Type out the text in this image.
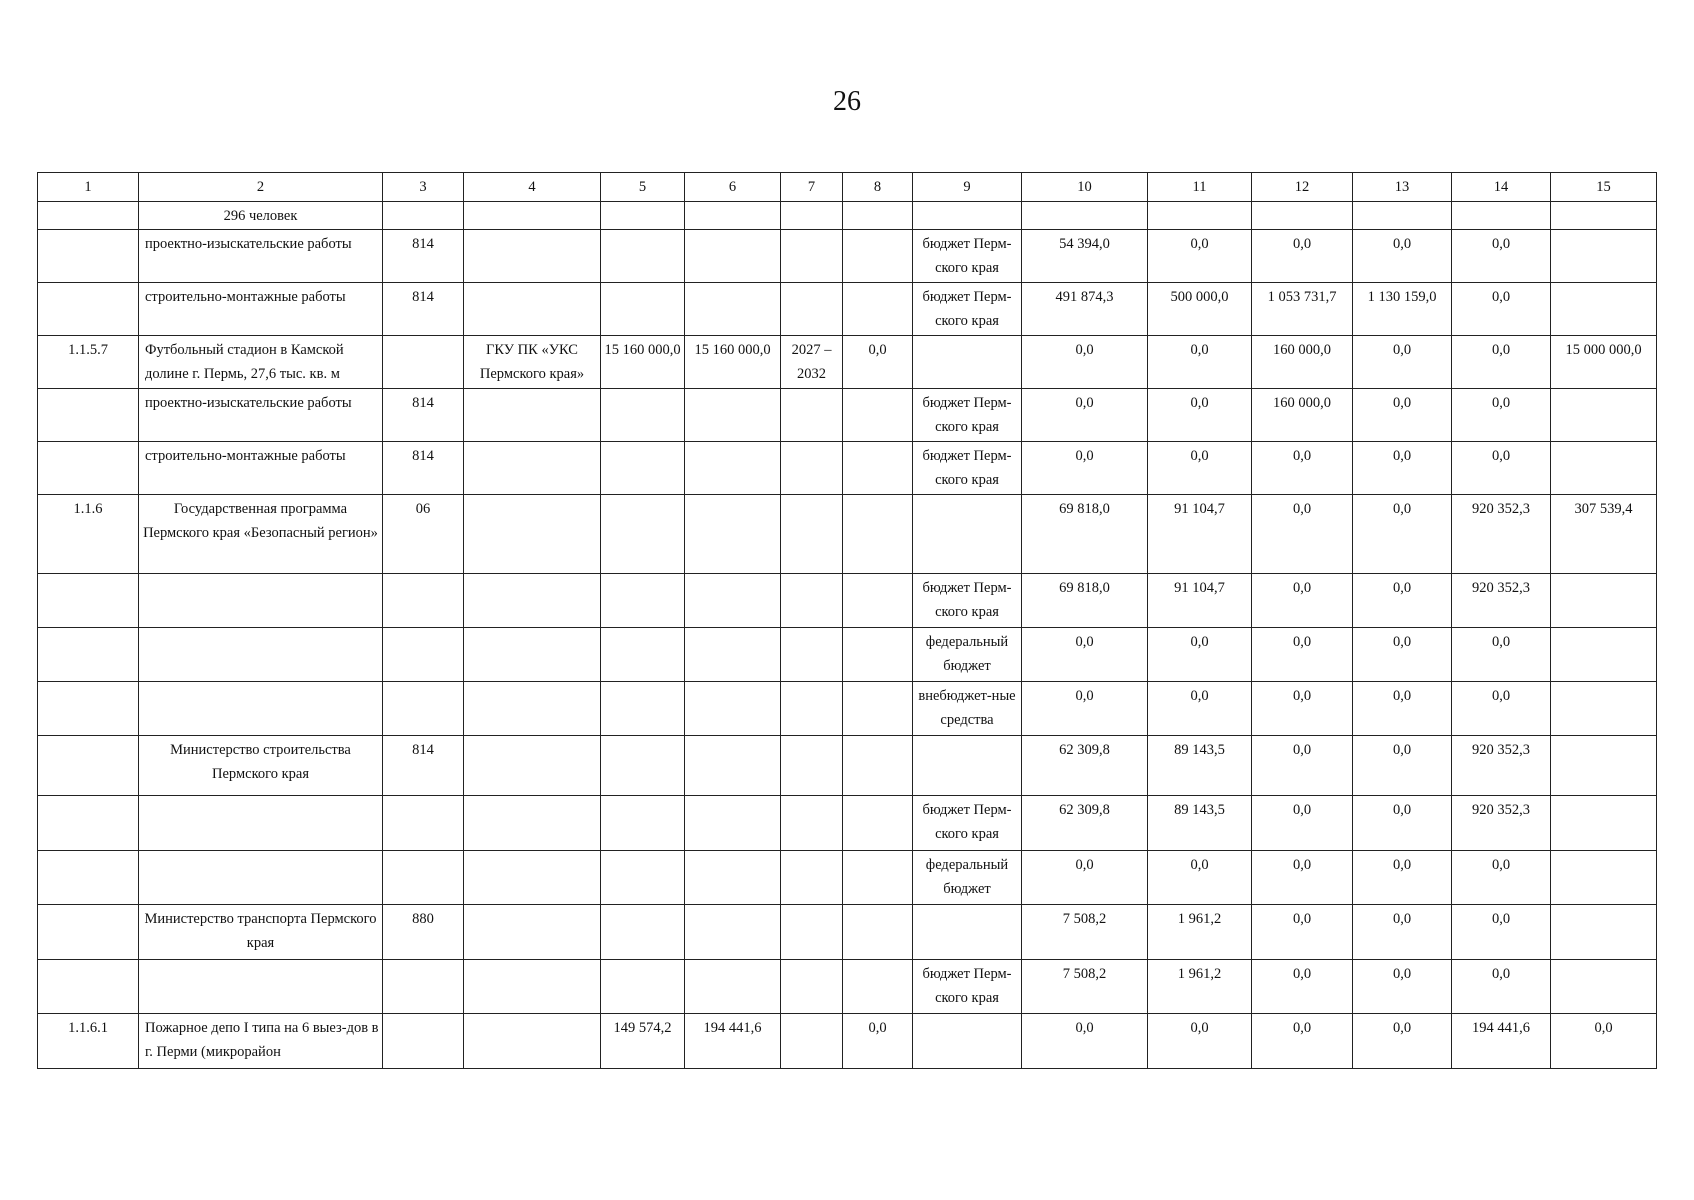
26
1	2	3	4	5	6	7	8	9	10	11	12	13	14	15
	296 человек													
	проектно-изыскательские работы	814						бюджет Перм-ского края	54 394,0	0,0	0,0	0,0	0,0	
	строительно-монтажные работы	814						бюджет Перм-ского края	491 874,3	500 000,0	1 053 731,7	1 130 159,0	0,0	
1.1.5.7	Футбольный стадион в Камской долине г. Пермь, 27,6 тыс. кв. м		ГКУ ПК «УКС Пермского края»	15 160 000,0	15 160 000,0	2027 – 2032	0,0		0,0	0,0	160 000,0	0,0	0,0	15 000 000,0
	проектно-изыскательские работы	814						бюджет Перм-ского края	0,0	0,0	160 000,0	0,0	0,0	
	строительно-монтажные работы	814						бюджет Перм-ского края	0,0	0,0	0,0	0,0	0,0	
1.1.6	Государственная программа Пермского края «Безопасный регион»	06							69 818,0	91 104,7	0,0	0,0	920 352,3	307 539,4
								бюджет Перм-ского края	69 818,0	91 104,7	0,0	0,0	920 352,3	
								федеральный бюджет	0,0	0,0	0,0	0,0	0,0	
								внебюджет-ные средства	0,0	0,0	0,0	0,0	0,0	
	Министерство строительства Пермского края	814							62 309,8	89 143,5	0,0	0,0	920 352,3	
								бюджет Перм-ского края	62 309,8	89 143,5	0,0	0,0	920 352,3	
								федеральный бюджет	0,0	0,0	0,0	0,0	0,0	
	Министерство транспорта Пермского края	880							7 508,2	1 961,2	0,0	0,0	0,0	
								бюджет Перм-ского края	7 508,2	1 961,2	0,0	0,0	0,0	
1.1.6.1	Пожарное депо I типа на 6 выез-дов в г. Перми (микрорайон			149 574,2	194 441,6		0,0		0,0	0,0	0,0	0,0	194 441,6	0,0
